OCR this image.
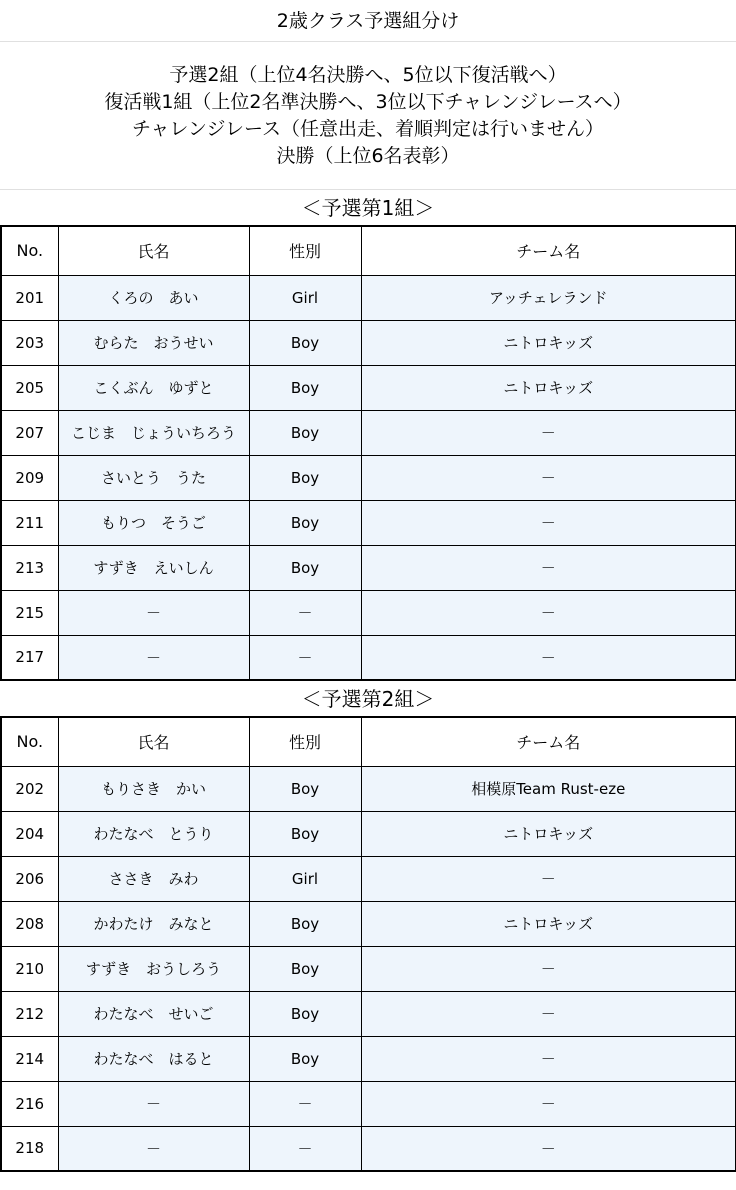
2歳クラス予選組分け
予選2組（上位4名決勝へ、5位以下復活戦へ）
復活戦1組（上位2名準決勝へ、3位以下チャレンジレースへ）
チャレンジレース（任意出走、着順判定は行いません）
決勝（上位6名表彰）
＜予選第1組＞
No.	氏名	性別	チーム名
201	くろの　あい	Girl	アッチェレランド
203	むらた　おうせい	Boy	ニトロキッズ
205	こくぶん　ゆずと	Boy	ニトロキッズ
207	こじま　じょういちろう	Boy	－
209	さいとう　うた	Boy	－
211	もりつ　そうご	Boy	－
213	すずき　えいしん	Boy	－
215	－	－	－
217	－	－	－
＜予選第2組＞
No.	氏名	性別	チーム名
202	もりさき　かい	Boy	相模原Team Rust-eze
204	わたなべ　とうり	Boy	ニトロキッズ
206	ささき　みわ	Girl	－
208	かわたけ　みなと	Boy	ニトロキッズ
210	すずき　おうしろう	Boy	－
212	わたなべ　せいご	Boy	－
214	わたなべ　はると	Boy	－
216	－	－	－
218	－	－	－
